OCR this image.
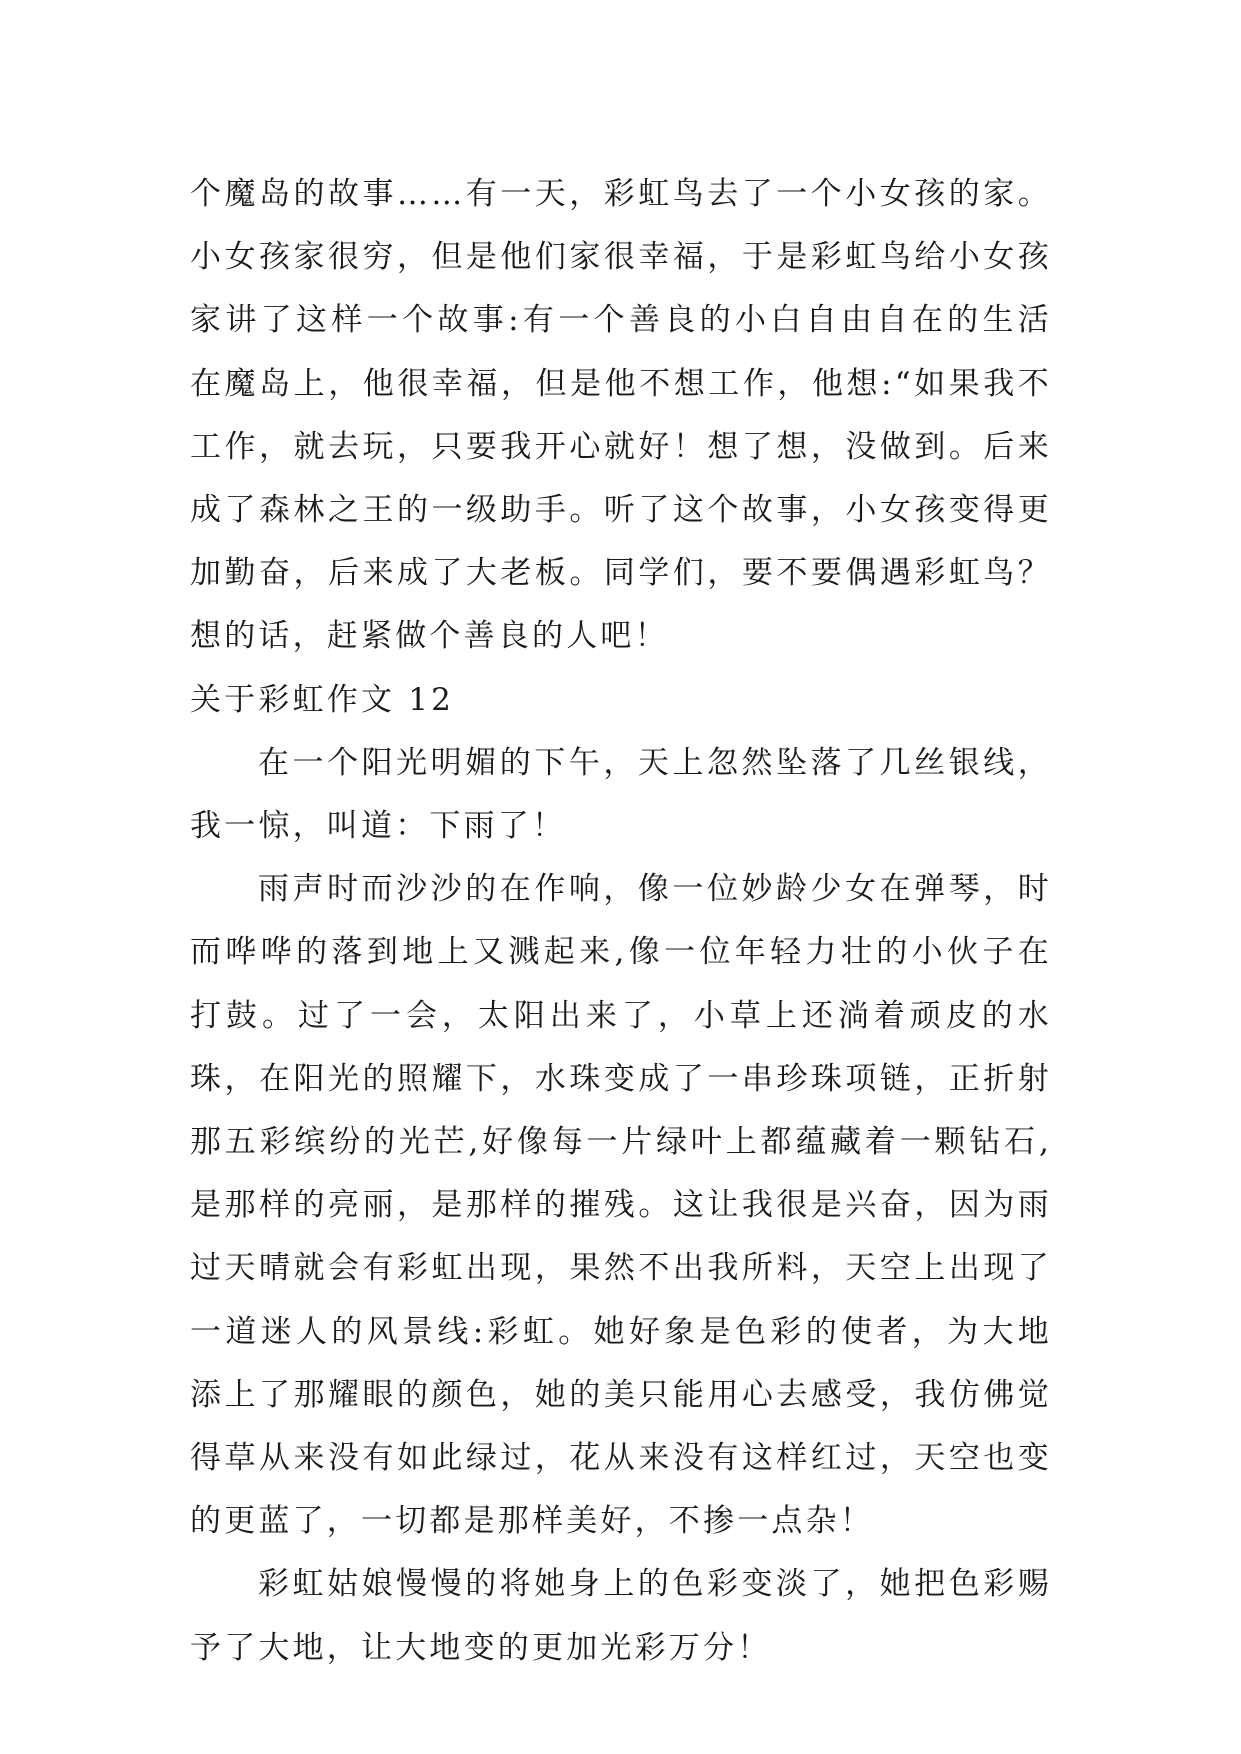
个魔岛的故事……有一天，彩虹鸟去了一个小女孩的家。小女孩家很穷，但是他们家很幸福，于是彩虹鸟给小女孩家讲了这样一个故事:有一个善良的小白自由自在的生活在魔岛上，他很幸福，但是他不想工作，他想:“如果我不工作，就去玩，只要我开心就好！想了想，没做到。后来成了森林之王的一级助手。听了这个故事，小女孩变得更加勤奋，后来成了大老板。同学们，要不要偶遇彩虹鸟？想的话，赶紧做个善良的人吧！

关于彩虹作文 12

在一个阳光明媚的下午，天上忽然坠落了几丝银线，我一惊，叫道：下雨了！

雨声时而沙沙的在作响，像一位妙龄少女在弹琴，时而哗哗的落到地上又溅起来,像一位年轻力壮的小伙子在打鼓。过了一会，太阳出来了，小草上还淌着顽皮的水珠，在阳光的照耀下，水珠变成了一串珍珠项链，正折射那五彩缤纷的光芒,好像每一片绿叶上都蕴藏着一颗钻石,是那样的亮丽，是那样的摧残。这让我很是兴奋，因为雨过天晴就会有彩虹出现，果然不出我所料，天空上出现了一道迷人的风景线:彩虹。她好象是色彩的使者，为大地添上了那耀眼的颜色，她的美只能用心去感受，我仿佛觉得草从来没有如此绿过，花从来没有这样红过，天空也变的更蓝了，一切都是那样美好，不掺一点杂！

彩虹姑娘慢慢的将她身上的色彩变淡了，她把色彩赐予了大地，让大地变的更加光彩万分！
